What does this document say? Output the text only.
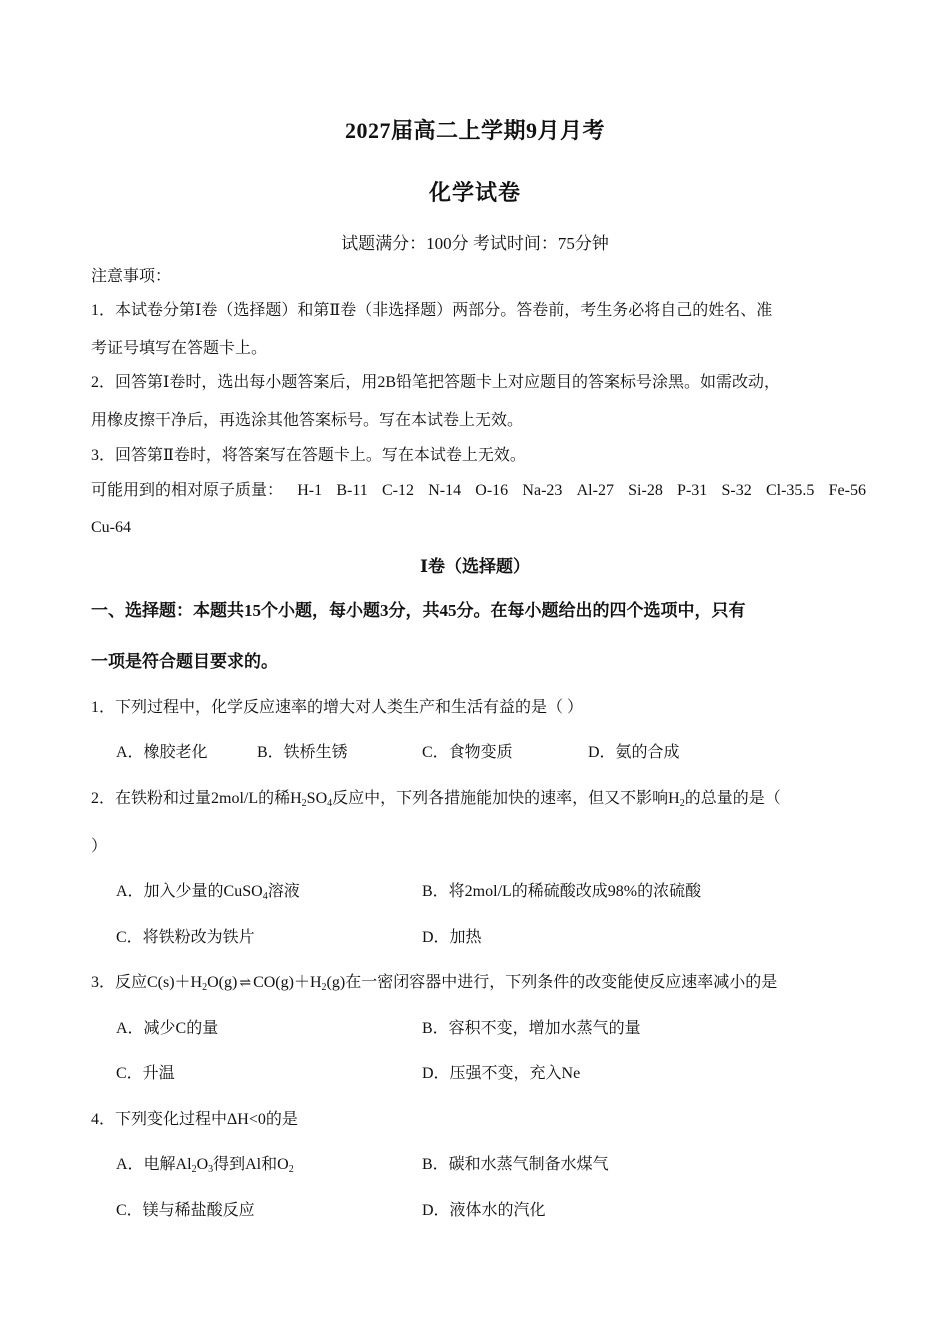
2027届高二上学期9月月考
化学试卷
试题满分：100分 考试时间：75分钟
注意事项：
1．本试卷分第Ⅰ卷（选择题）和第Ⅱ卷（非选择题）两部分。答卷前，考生务必将自己的姓名、准
考证号填写在答题卡上。
2．回答第Ⅰ卷时，选出每小题答案后，用2B铅笔把答题卡上对应题目的答案标号涂黑。如需改动，
用橡皮擦干净后，再选涂其他答案标号。写在本试卷上无效。
3．回答第Ⅱ卷时，将答案写在答题卡上。写在本试卷上无效。
可能用到的相对原子质量： H-1 B-11 C-12 N-14 O-16 Na-23 Al-27 Si-28 P-31 S-32 Cl-35.5 Fe-56
Cu-64
Ⅰ卷（选择题）
一、选择题：本题共15个小题，每小题3分，共45分。在每小题给出的四个选项中，只有
一项是符合题目要求的。
1．下列过程中，化学反应速率的增大对人类生产和生活有益的是（ ）
A．橡胶老化	B．铁桥生锈	C．食物变质	D．氨的合成
2．在铁粉和过量2mol/L的稀$H_2SO_4$反应中，下列各措施能加快的速率，但又不影响$H_2$的总量的是（
）
A．加入少量的CuSO$_4$溶液	B．将2mol/L的稀硫酸改成98%的浓硫酸
C．将铁粉改为铁片	D．加热
3．反应$C(s)+H_2O(g)$ ⇌ $CO(g)+H_2(g)$在一密闭容器中进行，下列条件的改变能使反应速率减小的是
A．减少C的量	B．容积不变，增加水蒸气的量
C．升温	D．压强不变，充入Ne
4．下列变化过程中ΔH<0的是
A．电解$Al_2O_3$得到Al和$O_2$	B．碳和水蒸气制备水煤气
C．镁与稀盐酸反应	D．液体水的汽化
